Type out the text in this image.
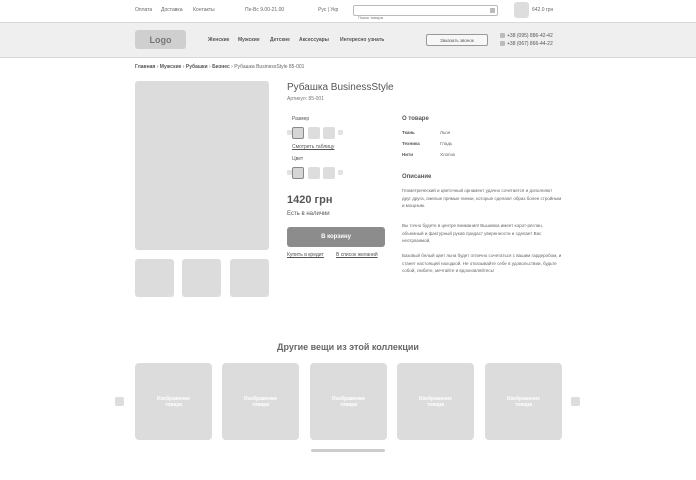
Оплата Доставка Контакты	Пн-Вс 9.00-21.00	Рус | Укр
Поиск товара	642.0 грн
Logo	Женские Мужские Детские Аксессуары Интересно узнать	Заказать звонок
+38 (095) 886-42-42
+38 (067) 866-44-22
Главная › Мужские › Рубашки › Бизнес › Рубашка BusinessStyle 85-001
Рубашка BusinessStyle
Артикул: 85-001
Размер
Смотреть таблицу
Цвет
1420 грн
Есть в наличии
В корзину
Купить в кредит В список желаний
О товаре
Ткань	Льон
Техника	Гладь
Нити	Хлопок
Описание

Геометрический и цветочный орнамент удачно сочетается и дополняют друг друга, смелые прямые линии, которые сделают образ более стройным и мощным.

Вы точно будете в центре внимания! Вышивка имеет корот-реглан, объемный и фактурный рукав придаст уверенности и сделает Вас неотразимой.

Базовый белый цвет льна будет отлично сочетаться с вашим гардеробом, и станет настоящей находкой. Не отказывайте себе в удовольствии, будьте собой, любите, мечтайте и вдохновляйтесь!

Другие вещи из этой коллекции
Изображение товара
Изображение товара
Изображение товара
Изображение товара
Изображение товара
